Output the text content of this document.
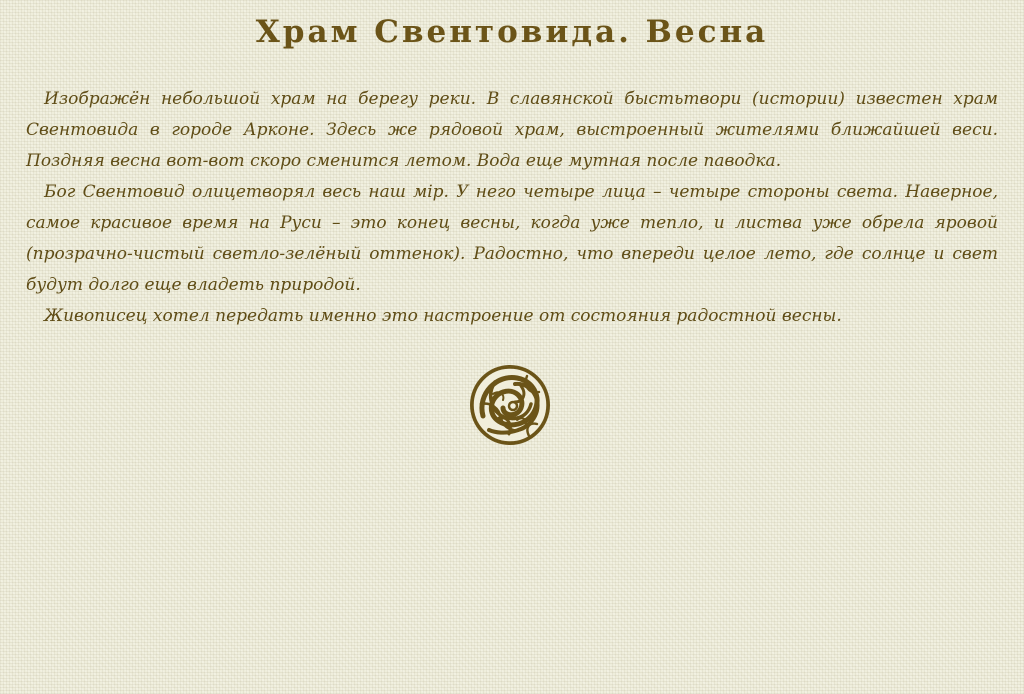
Храм Свентовида. Весна

Изображён небольшой храм на берегу реки. В славянской быстьтвори (истории) известен храм Свентовида в городе Арконе. Здесь же рядовой храм, выстроенный жителями ближайшей веси. Поздняя весна вот-вот скоро сменится летом. Вода еще мутная после паводка.

Бог Свентовид олицетворял весь наш мiр. У него четыре лица – четыре стороны света. Наверное, самое красивое время на Руси – это конец весны, когда уже тепло, и листва уже обрела яровой (прозрачно-чистый светло-зелёный оттенок). Радостно, что впереди целое лето, где солнце и свет будут долго еще владеть природой.

Живописец хотел передать именно это настроение от состояния радостной весны.
